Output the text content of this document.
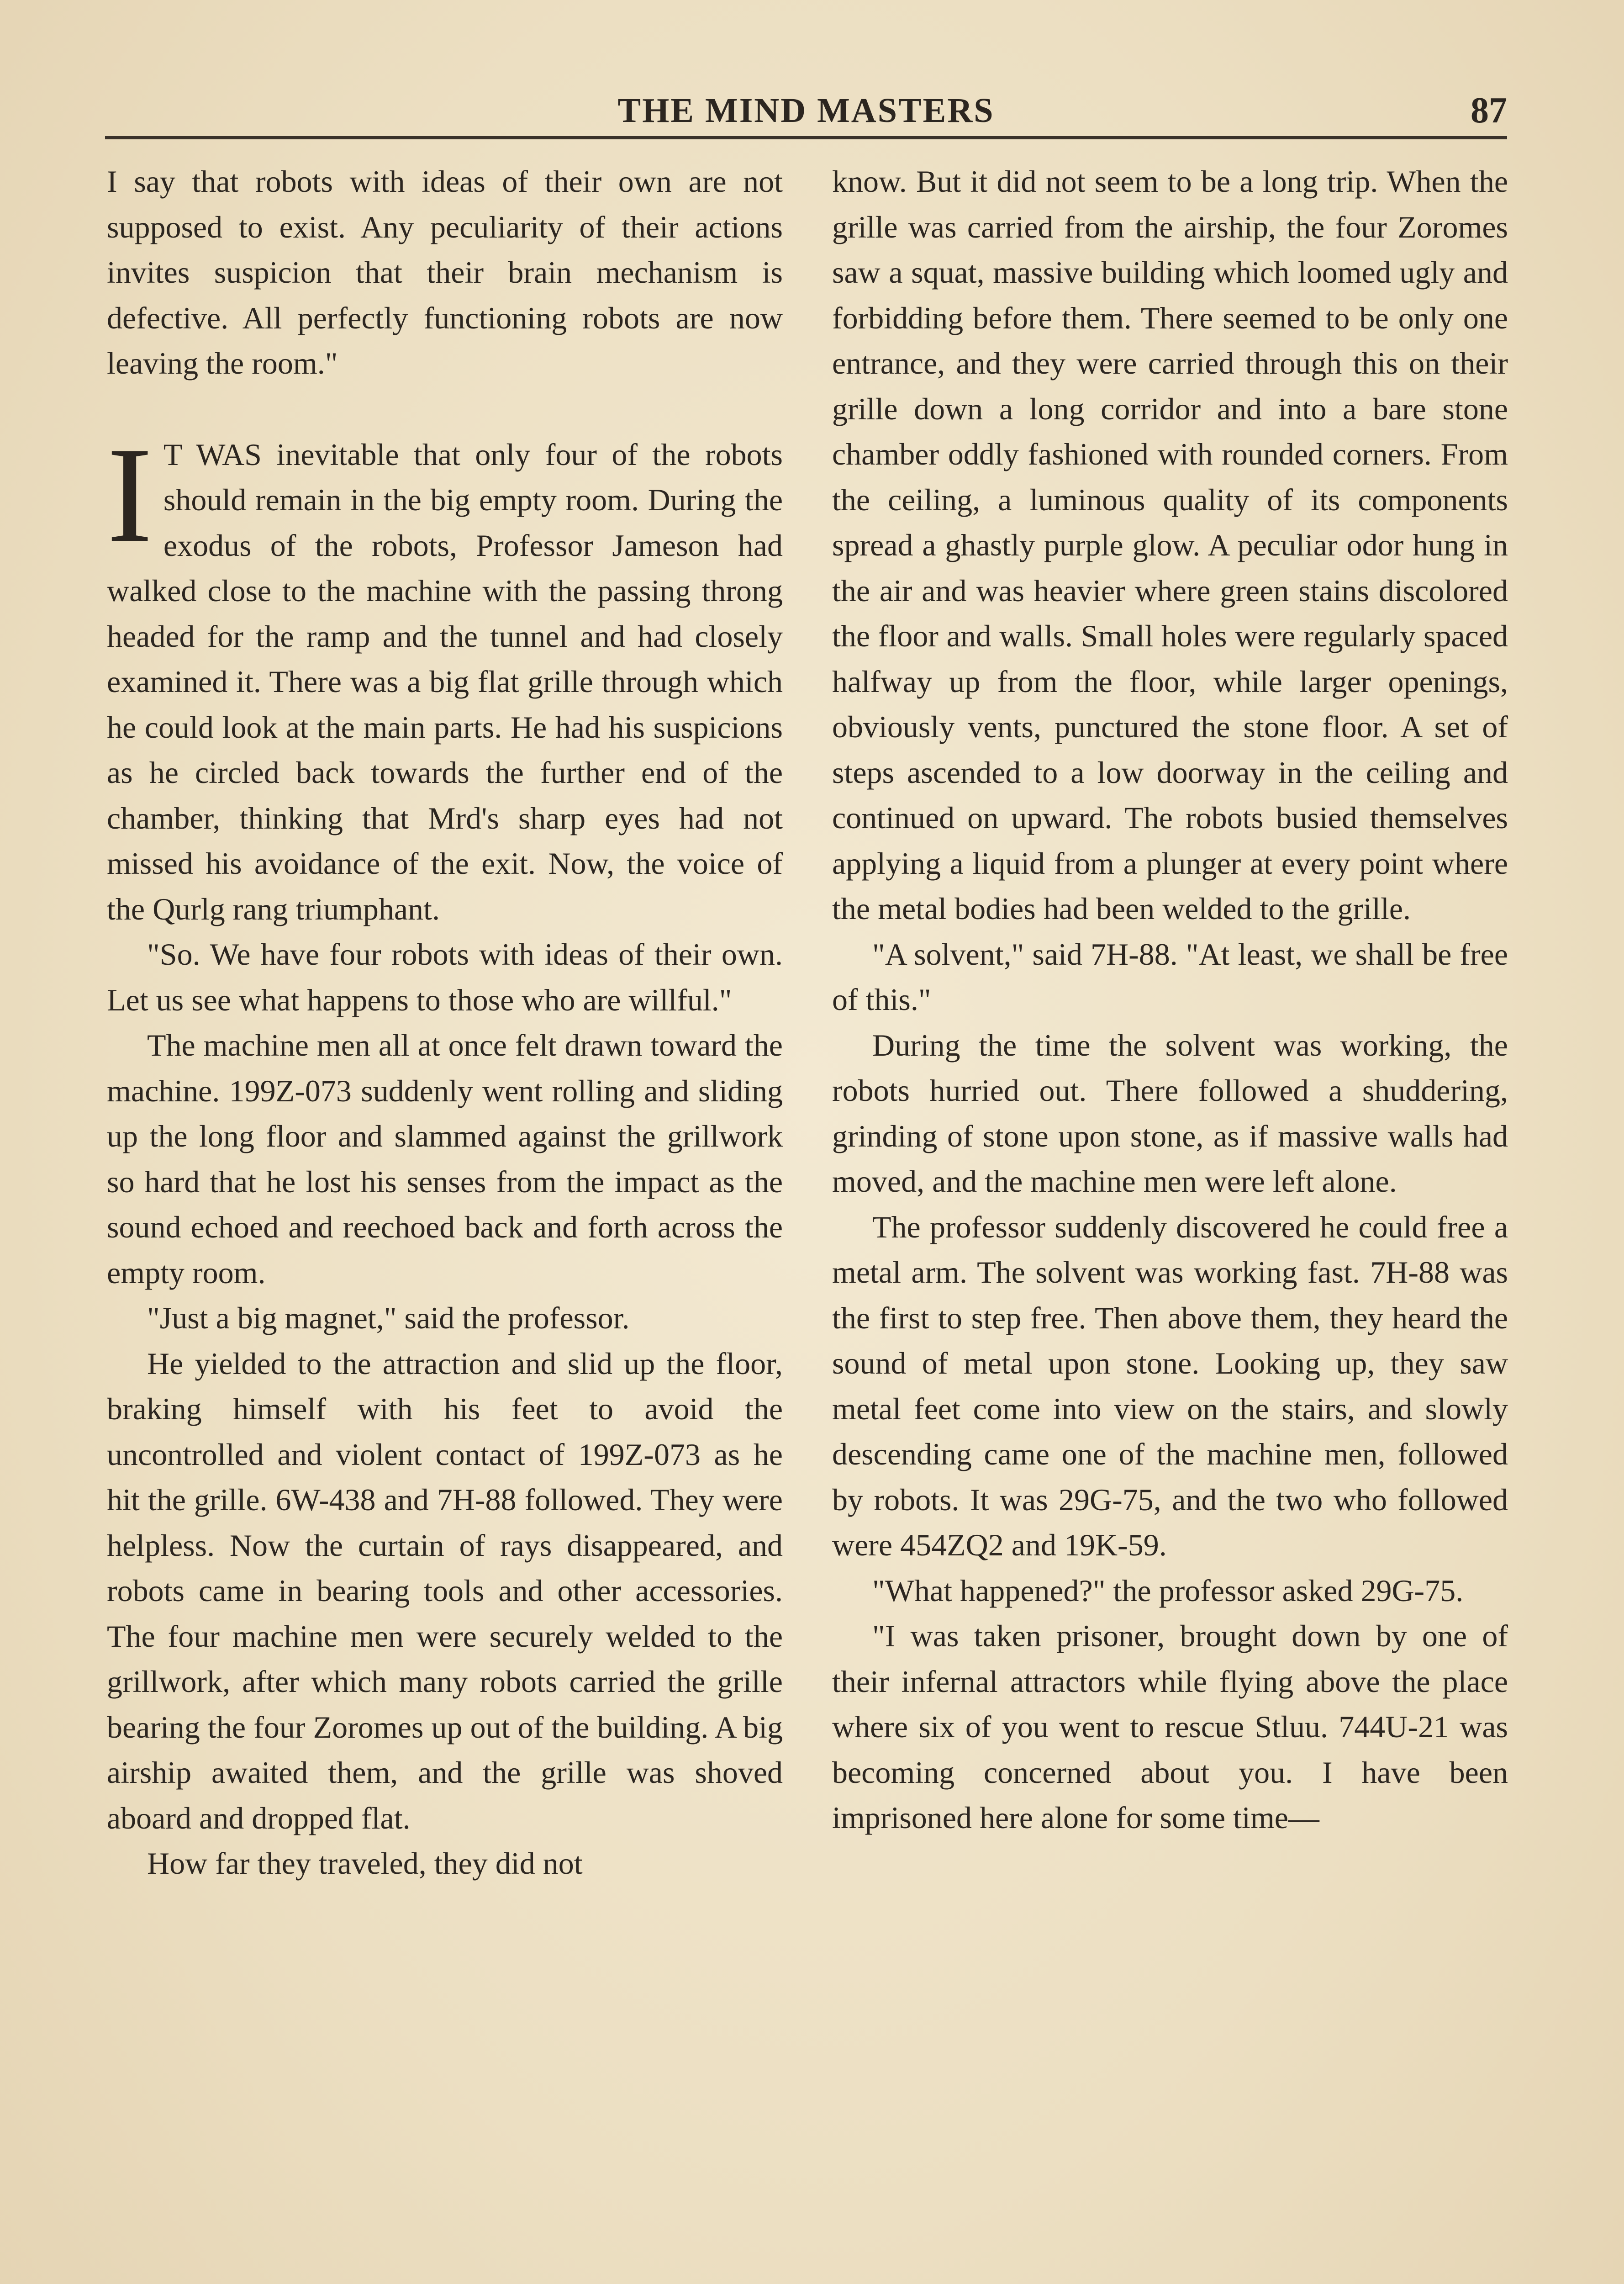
THE MIND MASTERS	87

I say that robots with ideas of their own are not supposed to exist. Any peculiarity of their actions invites suspicion that their brain mechanism is defective. All perfectly functioning robots are now leaving the room."

I T WAS inevitable that only four of the robots should remain in the big empty room. During the exodus of the robots, Professor Jameson had walked close to the machine with the passing throng headed for the ramp and the tunnel and had closely examined it. There was a big flat grille through which he could look at the main parts. He had his suspicions as he circled back towards the further end of the chamber, thinking that Mrd's sharp eyes had not missed his avoidance of the exit. Now, the voice of the Qurlg rang triumphant.

"So. We have four robots with ideas of their own. Let us see what happens to those who are willful."

The machine men all at once felt drawn toward the machine. 199Z-073 suddenly went rolling and sliding up the long floor and slammed against the grillwork so hard that he lost his senses from the impact as the sound echoed and reechoed back and forth across the empty room.

"Just a big magnet," said the professor.

He yielded to the attraction and slid up the floor, braking himself with his feet to avoid the uncontrolled and violent contact of 199Z-073 as he hit the grille. 6W-438 and 7H-88 followed. They were helpless. Now the curtain of rays disappeared, and robots came in bearing tools and other accessories. The four machine men were securely welded to the grillwork, after which many robots carried the grille bearing the four Zoromes up out of the building. A big airship awaited them, and the grille was shoved aboard and dropped flat.

How far they traveled, they did not

know. But it did not seem to be a long trip. When the grille was carried from the airship, the four Zoromes saw a squat, massive building which loomed ugly and forbidding before them. There seemed to be only one entrance, and they were carried through this on their grille down a long corridor and into a bare stone chamber oddly fashioned with rounded corners. From the ceiling, a luminous quality of its components spread a ghastly purple glow. A peculiar odor hung in the air and was heavier where green stains discolored the floor and walls. Small holes were regularly spaced halfway up from the floor, while larger openings, obviously vents, punctured the stone floor. A set of steps ascended to a low doorway in the ceiling and continued on upward. The robots busied themselves applying a liquid from a plunger at every point where the metal bodies had been welded to the grille.

"A solvent," said 7H-88. "At least, we shall be free of this."

During the time the solvent was working, the robots hurried out. There followed a shuddering, grinding of stone upon stone, as if massive walls had moved, and the machine men were left alone.

The professor suddenly discovered he could free a metal arm. The solvent was working fast. 7H-88 was the first to step free. Then above them, they heard the sound of metal upon stone. Looking up, they saw metal feet come into view on the stairs, and slowly descending came one of the machine men, followed by robots. It was 29G-75, and the two who followed were 454ZQ2 and 19K-59.

"What happened?" the professor asked 29G-75.

"I was taken prisoner, brought down by one of their infernal attractors while flying above the place where six of you went to rescue Stluu. 744U-21 was becoming concerned about you. I have been imprisoned here alone for some time—
